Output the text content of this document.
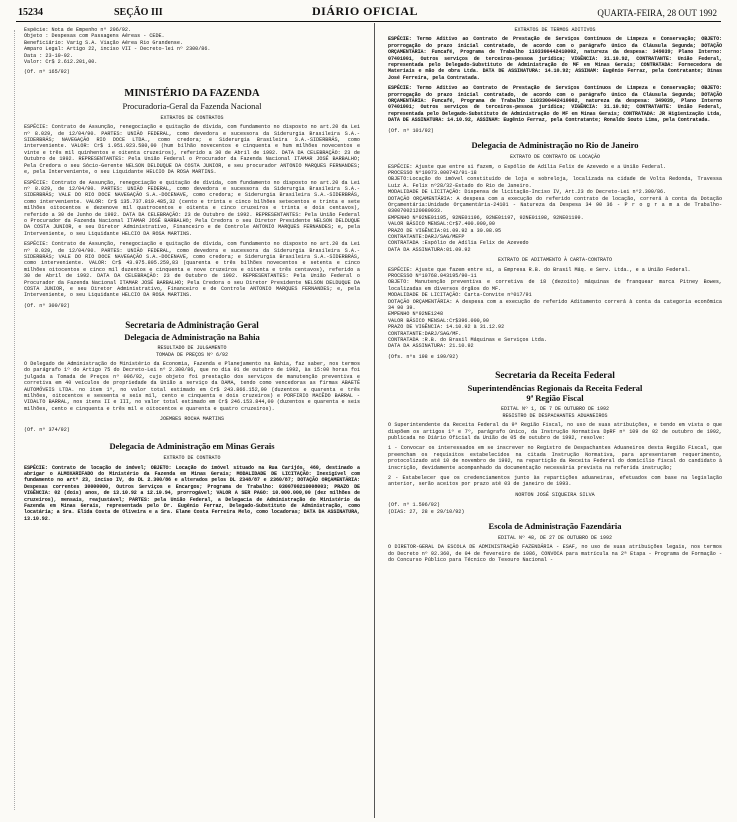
15234	SEÇÃO III	DIÁRIO OFICIAL	QUARTA-FEIRA, 28 OUT 1992

Espécie: Nota de Empenho nº 206/92.
Objeto : Despesas com Passagens Aéreas - CEDE.
Beneficiário: Varig S.A. Viação Aérea Rio Grandense.
Amparo Legal: Artigo 22, inciso VII - Decreto-lei nº 2300/86.
Data : 23-10-92.
Valor: Cr$ 2.612.201,00.

(Of. nº 165/92)

MINISTÉRIO DA FAZENDA
Procuradoria-Geral da Fazenda Nacional
EXTRATOS DE CONTRATOS

ESPÉCIE: Contrato de Assunção, renegociação e quitação de dívida, com fundamento no disposto no art.20 da Lei nº 8.029, de 12/04/90. PARTES: UNIÃO FEDERAL, como devedora e sucessora da Siderurgia Brasileira S.A.- SIDERBRÁS; NAVEGAÇÃO RIO DOCE LTDA., como credora; e Siderurgia Brasileira S.A.-SIDERBRÁS, como interveniente. VALOR: Cr$ 1.951.923.580,00 (hum bilhão novecentos e cinquenta e hum milhões novecentos e vinte e três mil quinhentos e oitenta cruzeiros), referido a 30 de Abril de 1992. DATA DA CELEBRAÇÃO: 23 de Outubro de 1992. REPRESENTANTES: Pela União Federal o Procurador da Fazenda Nacional ITAMAR JOSÉ BARBALHO; Pela Credora o seu Sócio-Gerente NELSON DELDUQUE DA COSTA JUNIOR, e seu procurador ANTONIO MARQUES FERNANDES; e, pela Interveniente, o seu Liquidante HELCIO DA ROSA MARTINS.

ESPÉCIE: Contrato de Assunção, renegociação e quitação de dívida, com fundamento no disposto no art.20 da Lei nº 8.029, de 12/04/90. PARTES: UNIÃO FEDERAL, como devedora e sucessora da Siderurgia Brasileira S.A.- SIDERBRÁS; VALE DO RIO DOCE NAVEGAÇÃO S.A.-DOCENAVE, como credora; e Siderurgia Brasileira S.A.-SIDERBRÁS, como interveniente. VALOR: Cr$ 135.737.819.485,32 (cento e trinta e cinco bilhões setecentos e trinta e sete milhões oitocentos e dezenove mil quatrocentos e oitenta e cinco cruzeiros e trinta e dois centavos), referido a 30 de Junho de 1992. DATA DA CELEBRAÇÃO: 23 de Outubro de 1992. REPRESENTANTES: Pela União Federal o Procurador da Fazenda Nacional ITAMAR JOSÉ BARBALHO; Pela Credora o seu Diretor Presidente NELSON DELDUQUE DA COSTA JUNIOR, e seu Diretor Administrativo, Financeiro e de Controle ANTONIO MARQUES FERNANDES; e, pela Interveniente, o seu Liquidante HELCIO DA ROSA MARTINS.

ESPÉCIE: Contrato de Assunção, renegociação e quitação de dívida, com fundamento no disposto no art.20 da Lei nº 8.029, de 12/04/90. PARTES: UNIÃO FEDERAL, como devedora e sucessora da Siderurgia Brasileira S.A.- SIDERBRÁS; VALE DO RIO DOCE NAVEGAÇÃO S.A.-DOCENAVE, como credora; e Siderurgia Brasileira S.A.-SIDERBRÁS, como interveniente. VALOR: Cr$ 43.975.805.259,83 (quarenta e três bilhões novecentos e setenta e cinco milhões oitocentos e cinco mil duzentos e cinquenta e nove cruzeiros e oitenta e três centavos), referido a 30 de Abril de 1992. DATA DA CELEBRAÇÃO: 23 de Outubro de 1992. REPRESENTANTES: Pela União Federal o Procurador da Fazenda Nacional ITAMAR JOSÉ BARBALHO; Pela Credora o seu Diretor Presidente NELSON DELDUQUE DA COSTA JUNIOR, e seu Diretor Administrativo, Financeiro e de Controle ANTONIO MARQUES FERNANDES; e, pela Interveniente, o seu Liquidante HELCIO DA ROSA MARTINS.

(Of. nº 300/92)

Secretaria de Administração Geral
Delegacia de Administração na Bahia
RESULTADO DE JULGAMENTO
TOMADA DE PREÇOS Nº 6/92

O Delegado de Administração do Ministério da Economia, Fazenda e Planejamento na Bahia, faz saber, nos termos do parágrafo 1º do Artigo 75 do Decreto-Lei nº 2.300/86, que no dia 01 de outubro de 1992, às 15:00 horas foi julgada a Tomada de Preços nº 006/92, cujo objeto foi prestação dos serviços de manutenção preventiva e corretiva em 40 veículos de propriedade da União a serviço da DAMA, tendo como vencedoras as firmas ABAETÉ AUTOMÓVEIS LTDA. no item 1º, no valor total estimado em Cr$ 243.866.152,00 (duzentos e quarenta e três milhões, oitocentos e sessenta e seis mil, cento e cinquenta e dois cruzeiros) e PORFIRIO MACÊDO BARRAL - VIDALTO BARRAL, nos itens II e III, no valor total estimado em Cr$ 246.153.844,00 (duzentos e quarenta e seis milhões, cento e cinquenta e três mil e oitocentos e quarenta e quatro cruzeiros).

JOEMBES ROCHA MARTINS

(Of. nº 374/92)

Delegacia de Administração em Minas Gerais
EXTRATO DE CONTRATO

ESPÉCIE: Contrato de locação de imóvel; OBJETO: Locação do imóvel situado na Rua Carijós, 460, destinado a abrigar o ALMOXARIFADO do Ministério da Fazenda em Minas Gerais; MODALIDADE DE LICITAÇÃO: Inexigível com fundamento no artº 23, inciso IV, do DL 2.300/86 e alterados pelos DL 2348/87 e 2360/87; DOTAÇÃO ORÇAMENTÁRIA: Despesas correntes 30000000, Outros Serviços e Encargos; Programa de Trabalho: 0300700210008003; PRAZO DE VIGÊNCIA: 02 (dois) anos, de 13.10.92 a 12.10.94, prorrogável; VALOR A SER PAGO: 10.000.000,00 (dez milhões de cruzeiros), mensais, reajustável; PARTES: pela União Federal, a Delegacia de Administração do Ministério da Fazenda em Minas Gerais, representada pelo Dr. Eugênio Ferraz, Delegado-Substituto de Administração, como locatária; a Sra. Elida Costa de Oliveira e a Sra. Elane Costa Ferreira Melo, como locadoras; DATA DA ASSINATURA, 13.10.92.

EXTRATOS DE TERMOS ADITIVOS

ESPÉCIE: Termo Aditivo ao Contrato de Prestação de Serviços Contínuos de Limpeza e Conservação; OBJETO: prorrogação do prazo inicial contratado, de acordo com o parágrafo único da Cláusula Segunda; DOTAÇÃO ORÇAMENTÁRIA: Funcafé, Programa de Trabalho 1103300442410002, natureza da despesa: 349039; Plano Interno: 07401001, Outros serviços de terceiros-pessoa jurídica; VIGÊNCIA: 31.10.92, CONTRATANTE: União Federal, representada pelo Delegado-Substituto de Administração do MF em Minas Gerais; CONTRATADA: Fornecedora de Materiais e mão de obra Ltda. DATA DE ASSINATURA: 14.10.92; ASSINAM: Eugênio Ferraz, pela Contratante; Dinas José Ferreira, pela Contratada.

ESPÉCIE: Termo Aditivo ao Contrato de Prestação de Serviços Contínuos de Limpeza e Conservação; OBJETO: prorrogação do prazo inicial contratado, de acordo com o parágrafo único da Cláusula Segunda; DOTAÇÃO ORÇAMENTÁRIA: Funcafé, Programa de Trabalho 1103300442410002, natureza da despesa: 349039, Plano Interno 07401001; Outros serviços de terceiros-pessoa jurídica; VIGÊNCIA: 31.10.92; CONTRATANTE: União Federal, representada pelo Delegado-Substituto de Administração do MF em Minas Gerais; CONTRATADA: JR Higienização Ltda, DATA DE ASSINATURA: 14.10.92, ASSINAM: Eugênio Ferraz, pela Contratante; Ronaldo Souto Lima, pela Contratada.

(Of. nº 101/92)

Delegacia de Administração no Rio de Janeiro
EXTRATO DE CONTRATO DE LOCAÇÃO

ESPÉCIE: Ajuste que entre si fazem, o Espólio de Adília Felix de Azevedo e a União Federal.
PROCESSO Nº10073.000742/91-18
OBJETO:Locação do imóvel constituído de loja e sobreloja, localizada na cidade de Volta Redonda, Travessa Luiz A. Felix nº28/32-Estado do Rio de Janeiro.
MODALIDADE DE LICITAÇÃO: Dispensa de licitação-Inciso IV, Art.23 do Decreto-Lei nº2.300/86.
DOTAÇÃO ORÇAMENTÁRIA: A despesa com a execução do referido contrato de locação, correrá à conta da Dotação Orçamentária:Unidade Orçamentária-24101 - Natureza da Despesa 34 90 36 - P r o g r a m a de Trabalho- 03007002120080033.
EMPENHO Nº92NE01195, 92NE01196, 92NE01197, 92NE01198, 92NE01199.
VALOR BÁSICO MENSAL:Cr$7.400.000,00
PRAZO DE VIGÊNCIA:01.09.92 a 30.08.95
CONTRATANTE:DARJ/SAG/MEFP
CONTRATADA :Espólio de Adília Felix de Azevedo
DATA DA ASSINATURA:01.09.92

EXTRATO DE ADITAMENTO À CARTA-CONTRATO

ESPÉCIE: Ajuste que fazem entre si, a Empresa R.B. do Brasil Máq. e Serv. Ltda., e a União Federal.
PROCESSO Nº10768.043195/90-11
OBJETO: Manutenção preventiva e corretiva de 18 (dezoito) máquinas de franquear marca Pitney Bowes, localizadas em diversos órgãos do MF.
MODALIDADE DE LICITAÇÃO: Carta-Convite nº017/91
DOTAÇÃO ORÇAMENTÁRIA: A despesa com a execução do referido Aditamento correrá à conta da categoria econômica 34 90 39.
EMPENHO Nº92NE1248
VALOR BÁSICO MENSAL:Cr$396.000,00
PRAZO DE VIGÊNCIA: 14.10.92 à 31.12.92
CONTRATANTE:DARJ/SAG/MF.
CONTRATADA :R.B. do Brasil Máquinas e Serviços Ltda.
DATA DA ASSINATURA: 21.10.92

(Ofs. nºs 198 e 199/92)

Secretaria da Receita Federal
Superintendências Regionais da Receita Federal
9ª Região Fiscal
EDITAL Nº 1, DE 7 DE OUTUBRO DE 1992
REGISTRO DE DESPACHANTES ADUANEIROS

O Superintendente da Receita Federal da 9ª Região Fiscal, no uso de suas atribuições, e tendo em vista o que dispõem os artigos 1º e 7º, parágrafo único, da Instrução Normativa DpRF nº 109 de 02 de outubro de 1992, publicada no Diário Oficial da União de 05 de outubro de 1992, resolve:

1 - Convocar os interessados em se inscrever no Registro de Despachantes Aduaneiros desta Região Fiscal, que preencham os requisitos estabelecidos na citada Instrução Normativa, para apresentarem requerimento, protocolizado até 10 de novembro de 1992, na repartição da Receita Federal do domicílio fiscal do candidato à inscrição, devidamente acompanhado da documentação necessária prevista na referida instrução;

2 - Estabelecer que os credenciamentos junto às repartições aduaneiras, efetuados com base na legislação anterior, serão aceitos por prazo até 03 de janeiro de 1993.

NORTON JOSÉ SIQUEIRA SILVA

(Of. nº 1.596/92)
(DIAS: 27, 28 e 29/10/92)

Escola de Administração Fazendária
EDITAL Nº 48, DE 27 DE OUTUBRO DE 1992

O DIRETOR-GERAL DA ESCOLA DE ADMINISTRAÇÃO FAZENDÁRIA - ESAF, no uso de suas atribuições legais, nos termos do Decreto nº 92.360, de 04 de fevereiro de 1986, CONVOCA para matrícula na 2ª Etapa - Programa de Formação - do Concurso Público para Técnico do Tesouro Nacional -
